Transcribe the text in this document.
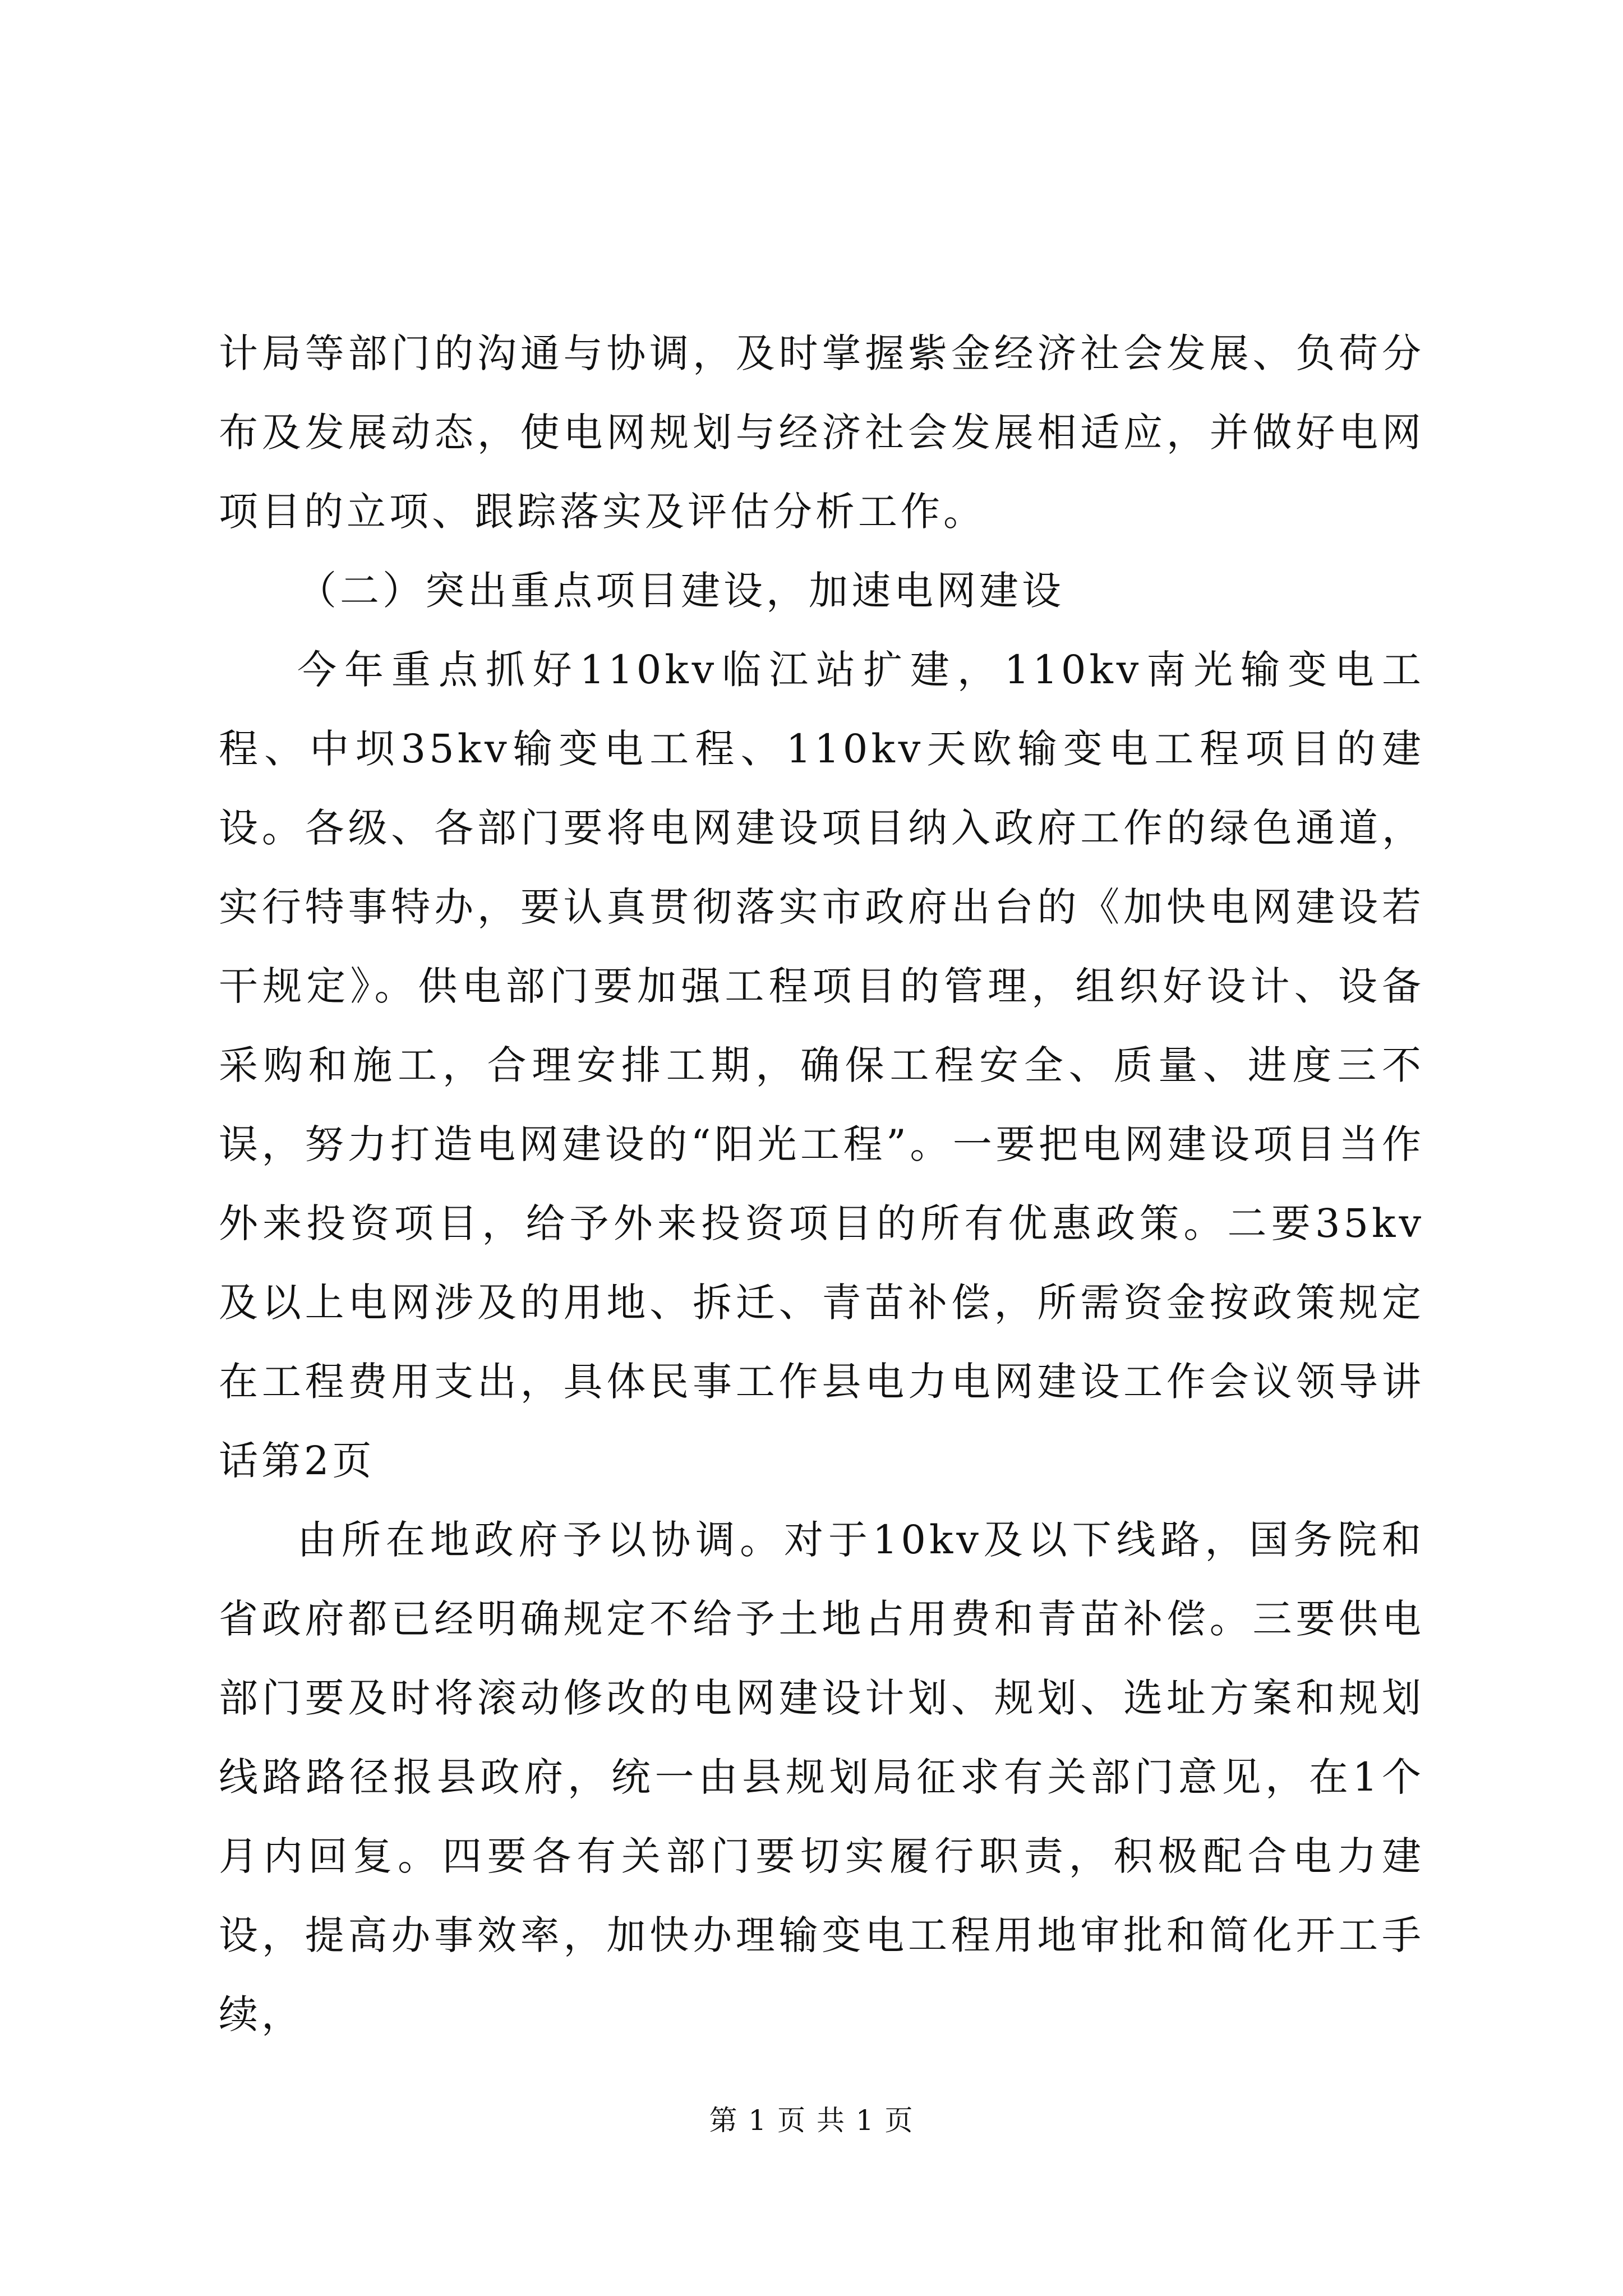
计局等部门的沟通与协调，及时掌握紫金经济社会发展、负荷分布及发展动态，使电网规划与经济社会发展相适应，并做好电网项目的立项、跟踪落实及评估分析工作。

（二）突出重点项目建设，加速电网建设

今年重点抓好110kv临江站扩建，110kv南光输变电工程、中坝35kv输变电工程、110kv天欧输变电工程项目的建设。各级、各部门要将电网建设项目纳入政府工作的绿色通道，实行特事特办，要认真贯彻落实市政府出台的《加快电网建设若干规定》。供电部门要加强工程项目的管理，组织好设计、设备采购和施工，合理安排工期，确保工程安全、质量、进度三不误，努力打造电网建设的“阳光工程”。一要把电网建设项目当作外来投资项目，给予外来投资项目的所有优惠政策。二要35kv及以上电网涉及的用地、拆迁、青苗补偿，所需资金按政策规定在工程费用支出，具体民事工作县电力电网建设工作会议领导讲话第2页

由所在地政府予以协调。对于10kv及以下线路，国务院和省政府都已经明确规定不给予土地占用费和青苗补偿。三要供电部门要及时将滚动修改的电网建设计划、规划、选址方案和规划线路路径报县政府，统一由县规划局征求有关部门意见，在1个月内回复。四要各有关部门要切实履行职责，积极配合电力建设，提高办事效率，加快办理输变电工程用地审批和简化开工手续，

第 1 页 共 1 页
